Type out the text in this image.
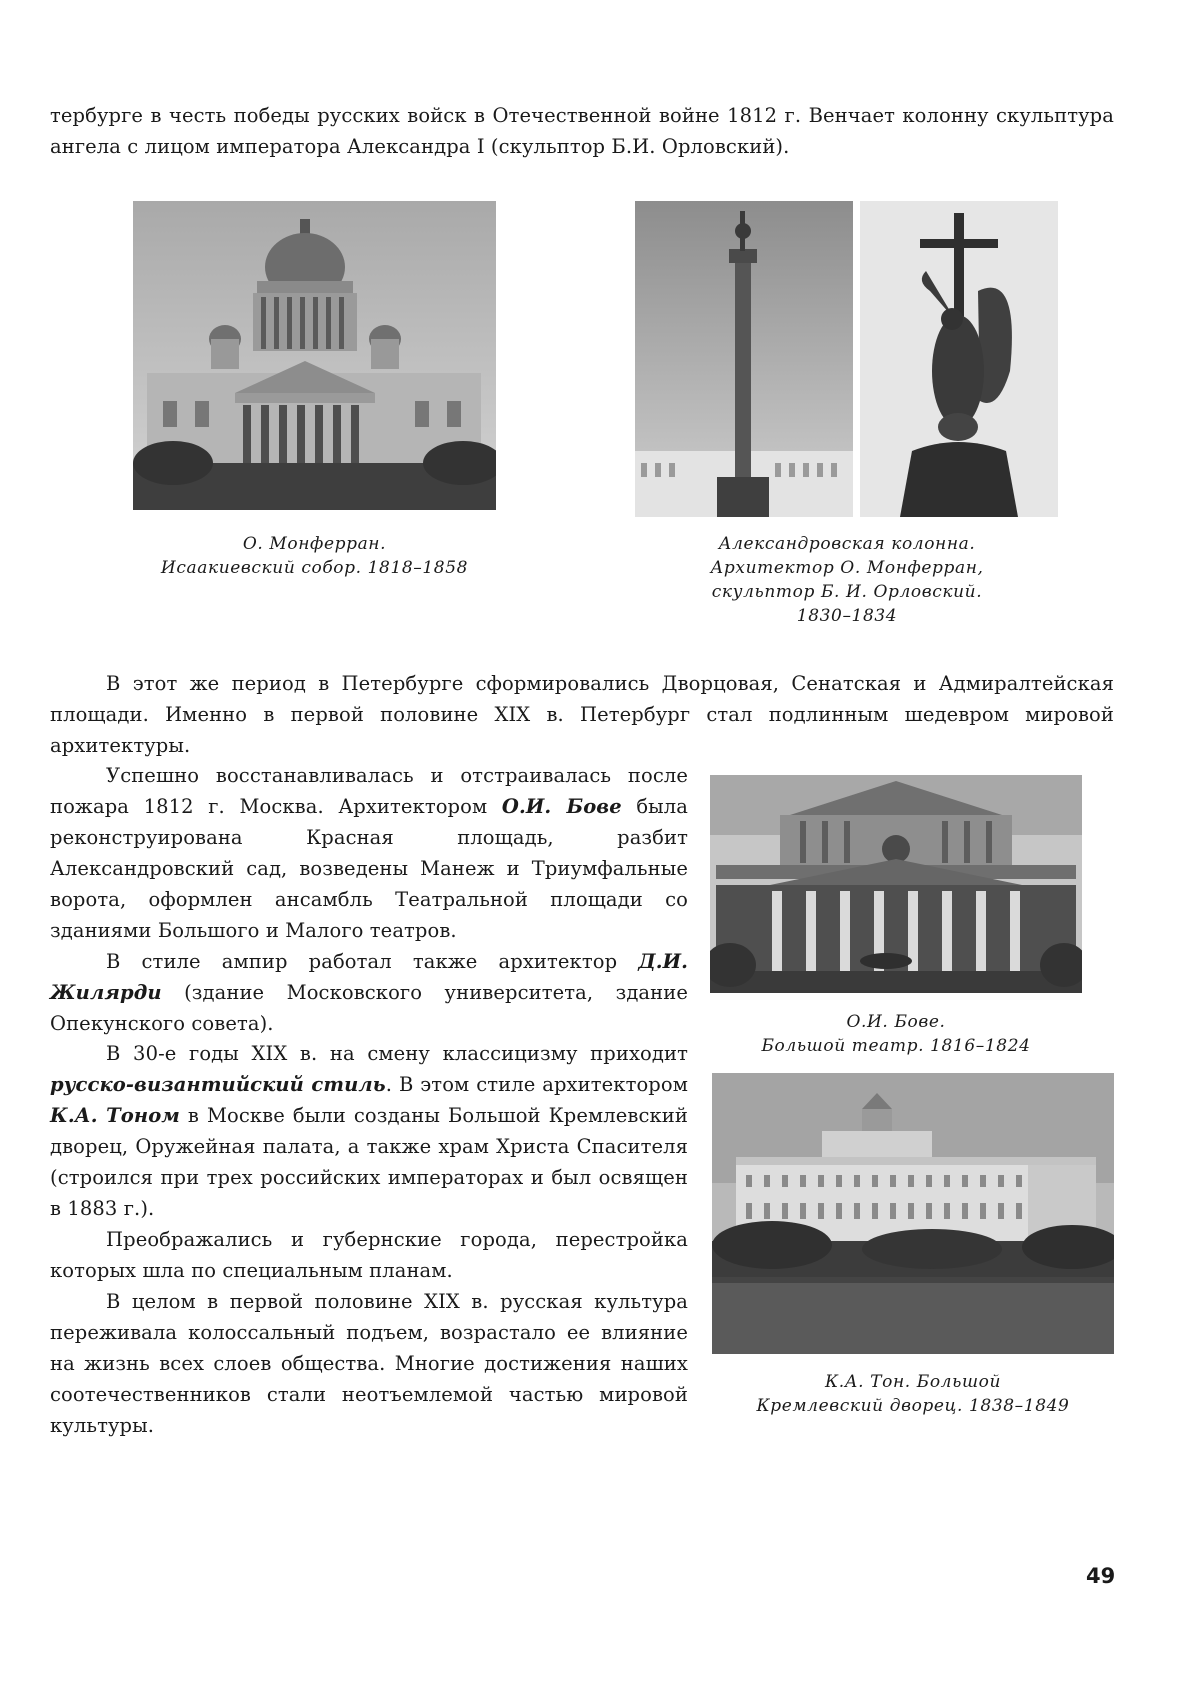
тербурге в честь победы русских войск в Отечественной войне 1812 г. Венчает колонну скульптура ангела с лицом императора Александра I (скульптор Б.И. Орловский).

О. Монферран.
Исаакиевский собор. 1818–1858

Александровская колонна.
Архитектор О. Монферран,
скульптор Б. И. Орловский.
1830–1834

В этот же период в Петербурге сформировались Дворцовая, Сенатская и Адмиралтейская площади. Именно в первой половине XIX в. Петербург стал подлинным шедевром мировой архитектуры.

Успешно восстанавливалась и отстраивалась после пожара 1812 г. Москва. Архитектором О.И. Бове была реконструирована Красная площадь, разбит Александровский сад, возведены Манеж и Триумфальные ворота, оформлен ансамбль Театральной площади со зданиями Большого и Малого театров.

В стиле ампир работал также архитектор Д.И. Жилярди (здание Московского университета, здание Опекунского совета).

В 30-е годы XIX в. на смену классицизму приходит русско-византийский стиль. В этом стиле архитектором К.А. Тоном в Москве были созданы Большой Кремлевский дворец, Оружейная палата, а также храм Христа Спасителя (строился при трех российских императорах и был освящен в 1883 г.).

Преображались и губернские города, перестройка которых шла по специальным планам.

В целом в первой половине XIX в. русская культура переживала колоссальный подъем, возрастало ее влияние на жизнь всех слоев общества. Многие достижения наших соотечественников стали неотъемлемой частью мировой культуры.

О.И. Бове.
Большой театр. 1816–1824

К.А. Тон. Большой
Кремлевский дворец. 1838–1849

49
